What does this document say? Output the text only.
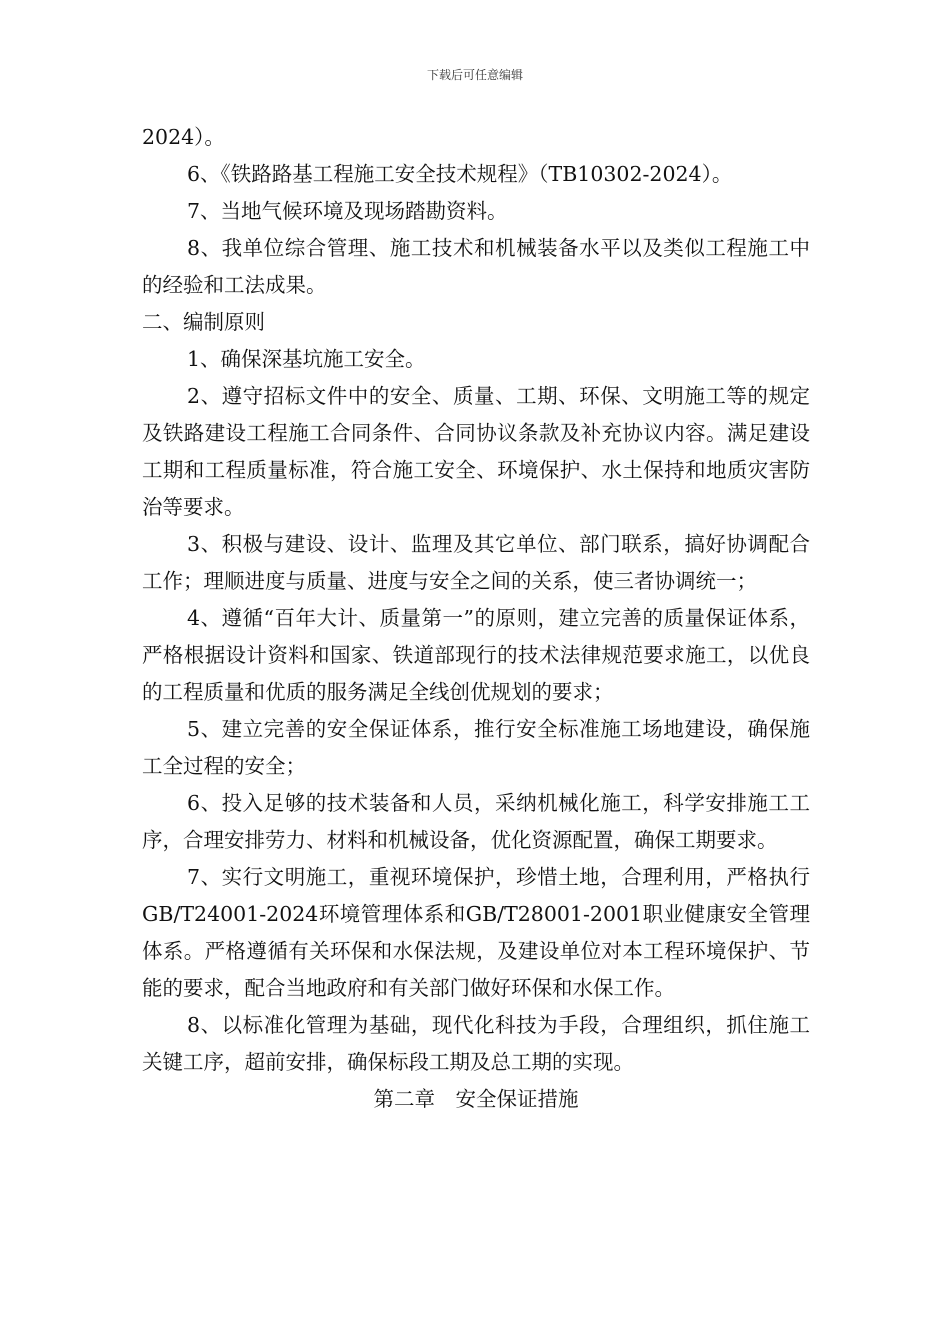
下载后可任意编辑

2024）。

6、《铁路路基工程施工安全技术规程》（TB10302-2024）。

7、当地气候环境及现场踏勘资料。

8、我单位综合管理、施工技术和机械装备水平以及类似工程施工中的经验和工法成果。

二、编制原则

1、确保深基坑施工安全。

2、遵守招标文件中的安全、质量、工期、环保、文明施工等的规定及铁路建设工程施工合同条件、合同协议条款及补充协议内容。满足建设工期和工程质量标准，符合施工安全、环境保护、水土保持和地质灾害防治等要求。

3、积极与建设、设计、监理及其它单位、部门联系，搞好协调配合工作；理顺进度与质量、进度与安全之间的关系，使三者协调统一；

4、遵循“百年大计、质量第一”的原则，建立完善的质量保证体系，严格根据设计资料和国家、铁道部现行的技术法律规范要求施工，以优良的工程质量和优质的服务满足全线创优规划的要求；

5、建立完善的安全保证体系，推行安全标准施工场地建设，确保施工全过程的安全；

6、投入足够的技术装备和人员，采纳机械化施工，科学安排施工工序，合理安排劳力、材料和机械设备，优化资源配置，确保工期要求。

7、实行文明施工，重视环境保护，珍惜土地，合理利用，严格执行GB/T24001-2024环境管理体系和GB/T28001-2001职业健康安全管理体系。严格遵循有关环保和水保法规，及建设单位对本工程环境保护、节能的要求，配合当地政府和有关部门做好环保和水保工作。

8、以标准化管理为基础，现代化科技为手段，合理组织，抓住施工关键工序，超前安排，确保标段工期及总工期的实现。

第二章　安全保证措施
